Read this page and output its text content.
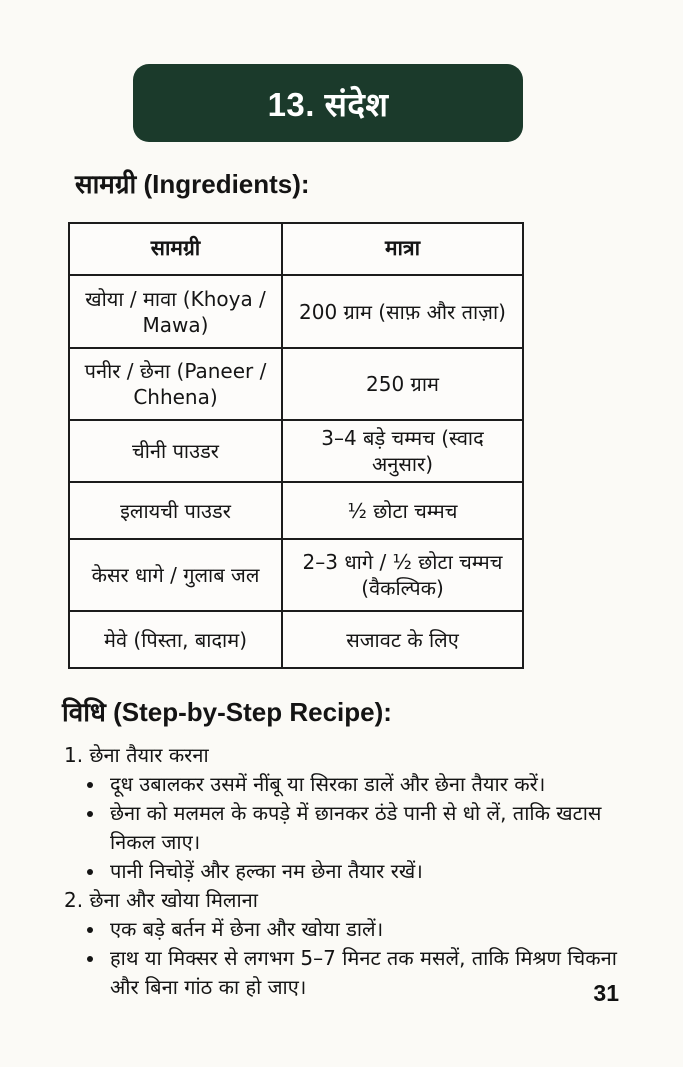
13. संदेश
सामग्री (Ingredients):
सामग्री	मात्रा
खोया / मावा (Khoya / Mawa)	200 ग्राम (साफ़ और ताज़ा)
पनीर / छेना (Paneer / Chhena)	250 ग्राम
चीनी पाउडर	3–4 बड़े चम्मच (स्वाद अनुसार)
इलायची पाउडर	½ छोटा चम्मच
केसर धागे / गुलाब जल	2–3 धागे / ½ छोटा चम्मच (वैकल्पिक)
मेवे (पिस्ता, बादाम)	सजावट के लिए
विधि (Step-by-Step Recipe):

1. छेना तैयार करना

• दूध उबालकर उसमें नींबू या सिरका डालें और छेना तैयार करें।
• छेना को मलमल के कपड़े में छानकर ठंडे पानी से धो लें, ताकि खटास निकल जाए।
• पानी निचोड़ें और हल्का नम छेना तैयार रखें।

2. छेना और खोया मिलाना

• एक बड़े बर्तन में छेना और खोया डालें।
• हाथ या मिक्सर से लगभग 5–7 मिनट तक मसलें, ताकि मिश्रण चिकना और बिना गांठ का हो जाए।	31
